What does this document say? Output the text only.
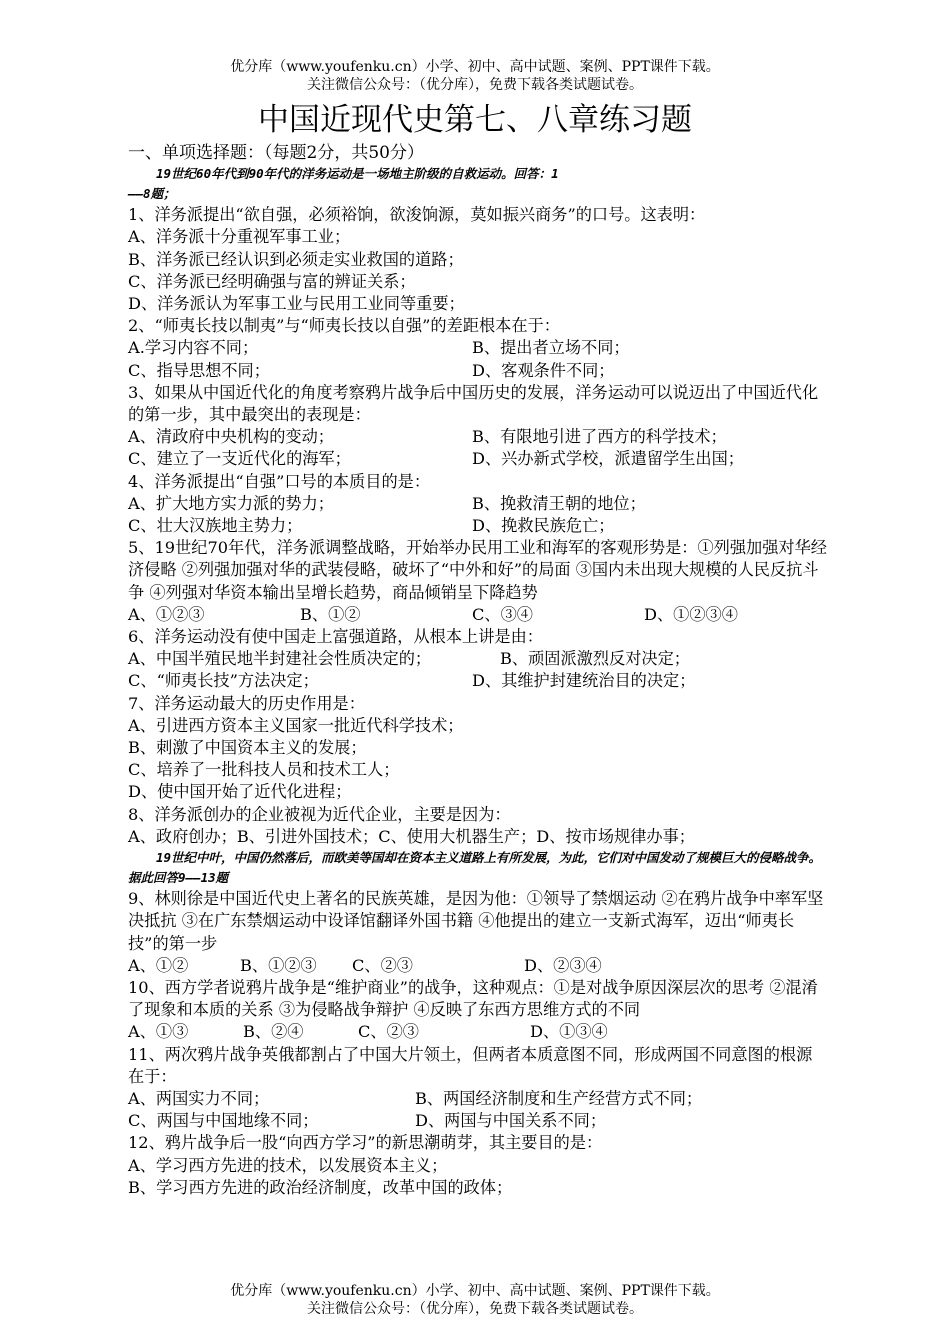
优分库（www.youfenku.cn）小学、初中、高中试题、案例、PPT课件下载。
关注微信公众号：（优分库），免费下载各类试题试卷。
中国近现代史第七、八章练习题
一、单项选择题：（每题2分，共50分）
19世纪60年代到90年代的洋务运动是一场地主阶级的自救运动。回答：1
——8题；
1、洋务派提出“欲自强，必须裕饷，欲浚饷源，莫如振兴商务”的口号。这表明：
A、洋务派十分重视军事工业；
B、洋务派已经认识到必须走实业救国的道路；
C、洋务派已经明确强与富的辨证关系；
D、洋务派认为军事工业与民用工业同等重要；
2、“师夷长技以制夷”与“师夷长技以自强”的差距根本在于：
A.学习内容不同；	B、提出者立场不同；
C、指导思想不同；	D、客观条件不同；
3、如果从中国近代化的角度考察鸦片战争后中国历史的发展，洋务运动可以说迈出了中国近代化的第一步，其中最突出的表现是：
A、清政府中央机构的变动；	B、有限地引进了西方的科学技术；
C、建立了一支近代化的海军；	D、兴办新式学校，派遣留学生出国；
4、洋务派提出“自强”口号的本质目的是：
A、扩大地方实力派的势力；	B、挽救清王朝的地位；
C、壮大汉族地主势力；	D、挽救民族危亡；
5、19世纪70年代，洋务派调整战略，开始举办民用工业和海军的客观形势是：①列强加强对华经济侵略 ②列强加强对华的武装侵略，破坏了“中外和好”的局面 ③国内未出现大规模的人民反抗斗争 ④列强对华资本输出呈增长趋势，商品倾销呈下降趋势
A、①②③	B、①②	C、③④	D、①②③④
6、洋务运动没有使中国走上富强道路，从根本上讲是由：
A、中国半殖民地半封建社会性质决定的；	B、顽固派激烈反对决定；
C、“师夷长技”方法决定；	D、其维护封建统治目的决定；
7、洋务运动最大的历史作用是：
A、引进西方资本主义国家一批近代科学技术；
B、刺激了中国资本主义的发展；
C、培养了一批科技人员和技术工人；
D、使中国开始了近代化进程；
8、洋务派创办的企业被视为近代企业，主要是因为：
A、政府创办；B、引进外国技术；C、使用大机器生产；D、按市场规律办事；
19世纪中叶，中国仍然落后，而欧美等国却在资本主义道路上有所发展，为此，它们对中国发动了规模巨大的侵略战争。据此回答9——13题
9、林则徐是中国近代史上著名的民族英雄，是因为他：①领导了禁烟运动 ②在鸦片战争中率军坚决抵抗 ③在广东禁烟运动中设译馆翻译外国书籍 ④他提出的建立一支新式海军，迈出“师夷长技”的第一步
A、①②	B、①②③	C、②③	D、②③④
10、西方学者说鸦片战争是“维护商业”的战争，这种观点：①是对战争原因深层次的思考 ②混淆了现象和本质的关系 ③为侵略战争辩护 ④反映了东西方思维方式的不同
A、①③	B、②④	C、②③	D、①③④
11、两次鸦片战争英俄都割占了中国大片领土，但两者本质意图不同，形成两国不同意图的根源在于：
A、两国实力不同；	B、两国经济制度和生产经营方式不同；
C、两国与中国地缘不同；	D、两国与中国关系不同；
12、鸦片战争后一股“向西方学习”的新思潮萌芽，其主要目的是：
A、学习西方先进的技术，以发展资本主义；
B、学习西方先进的政治经济制度，改革中国的政体；
优分库（www.youfenku.cn）小学、初中、高中试题、案例、PPT课件下载。
关注微信公众号：（优分库），免费下载各类试题试卷。
